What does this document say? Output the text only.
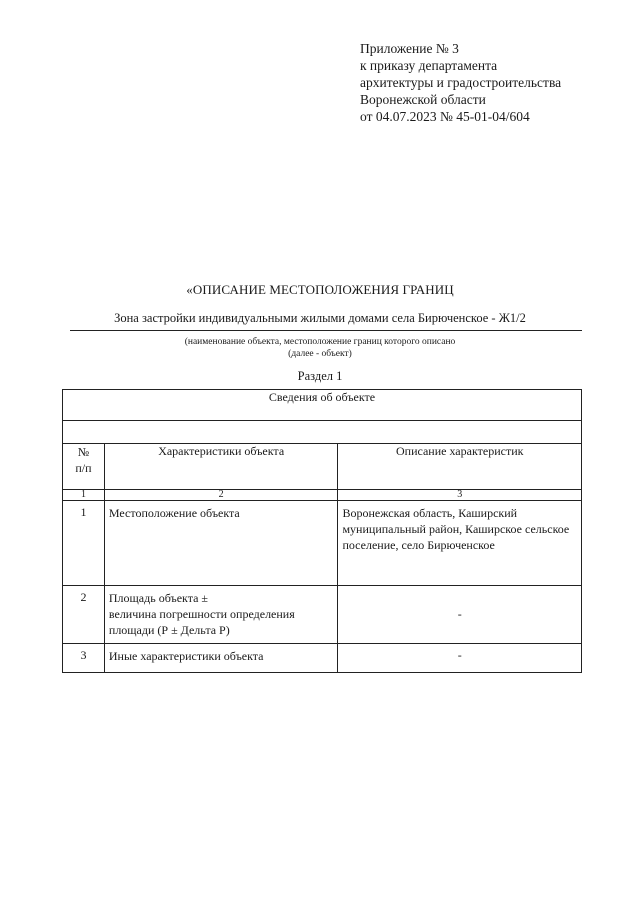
Приложение № 3
к приказу департамента
архитектуры и градостроительства
Воронежской области
от 04.07.2023 № 45-01-04/604
«ОПИСАНИЕ МЕСТОПОЛОЖЕНИЯ ГРАНИЦ
Зона застройки индивидуальными жилыми домами села Бирюченское - Ж1/2
(наименование объекта, местоположение границ которого описано
(далее - объект)
Раздел 1
Сведения об объекте		

№
п/п	Характеристики объекта	Описание характеристик
1	2	3
1	Местоположение объекта	Воронежская область, Каширский муниципальный район, Каширское сельское поселение, село Бирюченское
2	Площадь объекта ±
величина погрешности определения площади (Р ± Дельта Р)	-
3	Иные характеристики объекта	-
